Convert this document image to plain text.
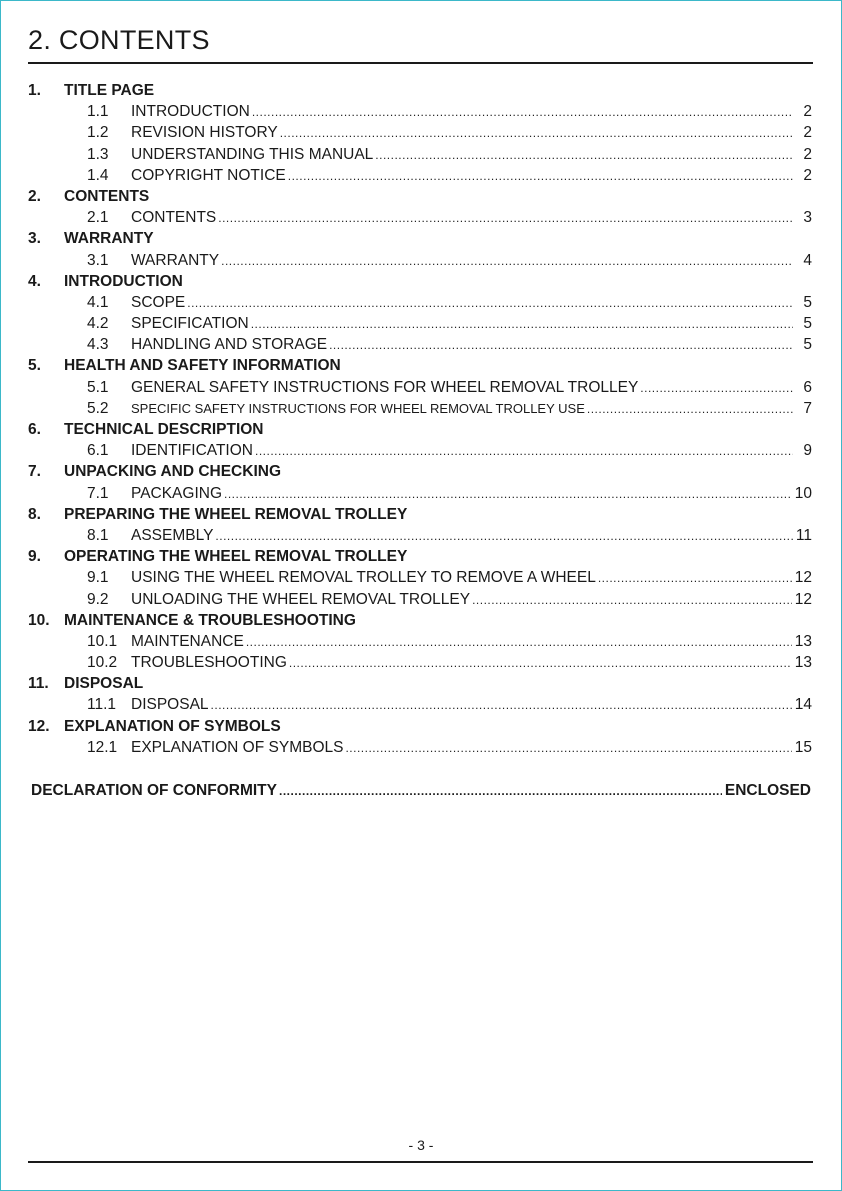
2. CONTENTS
1.	TITLE PAGE
1.1	INTRODUCTION .....	2
1.2	REVISION HISTORY .....	2
1.3	UNDERSTANDING THIS MANUAL .....	2
1.4	COPYRIGHT NOTICE .....	2
2.	CONTENTS
2.1	CONTENTS .....	3
3.	WARRANTY
3.1	WARRANTY .....	4
4.	INTRODUCTION
4.1	SCOPE .....	5
4.2	SPECIFICATION .....	5
4.3	HANDLING AND STORAGE .....	5
5.	HEALTH AND SAFETY INFORMATION
5.1	GENERAL SAFETY INSTRUCTIONS FOR WHEEL REMOVAL TROLLEY .....	6
5.2	SPECIFIC SAFETY INSTRUCTIONS FOR WHEEL REMOVAL TROLLEY USE .....	7
6.	TECHNICAL DESCRIPTION
6.1	IDENTIFICATION .....	9
7.	UNPACKING AND CHECKING
7.1	PACKAGING .....	10
8.	PREPARING THE WHEEL REMOVAL TROLLEY
8.1	ASSEMBLY .....	11
9.	OPERATING THE WHEEL REMOVAL TROLLEY
9.1	USING THE WHEEL REMOVAL TROLLEY TO REMOVE A WHEEL .....	12
9.2	UNLOADING THE WHEEL REMOVAL TROLLEY .....	12
10. MAINTENANCE & TROUBLESHOOTING
10.1 MAINTENANCE .....	13
10.2 TROUBLESHOOTING .....	13
11. DISPOSAL
11.1 DISPOSAL .....	14
12. EXPLANATION OF SYMBOLS
12.1 EXPLANATION OF SYMBOLS .....	15
DECLARATION OF CONFORMITY .....	ENCLOSED
- 3 -
